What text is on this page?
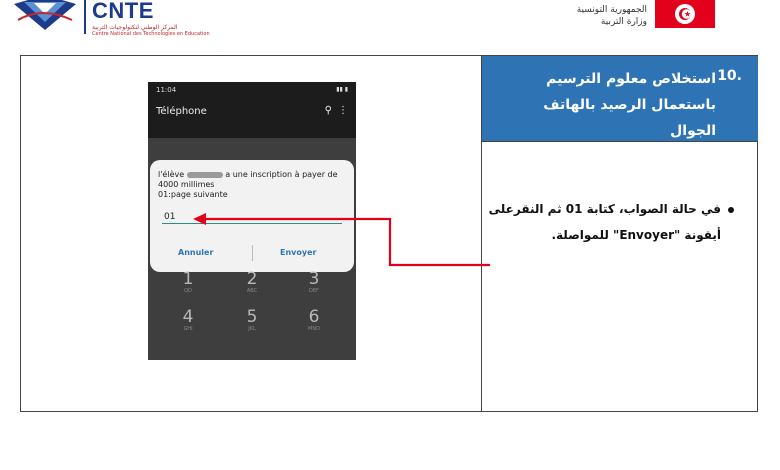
CNTE
المركز الوطني لتكنولوجيات التربية
Centre National des Technologies en Education
الجمهورية التونسية
وزارة التربية
10.
استخلاص معلوم الترسيم باستعمال الرصيد بالهاتف الجوال
في حالة الصواب، كتابة 01 ثم النقرعلى أيقونة "Envoyer" للمواصلة.
11:04	▮▮ ▮
Téléphone	⚲ ⋮
l'élève	a une inscription à payer de
4000 millimes
01:page suivante
01
Annuler	Envoyer
1
QD
2
ABC
3
DEF
4
GHI
5
JKL
6
MNO
